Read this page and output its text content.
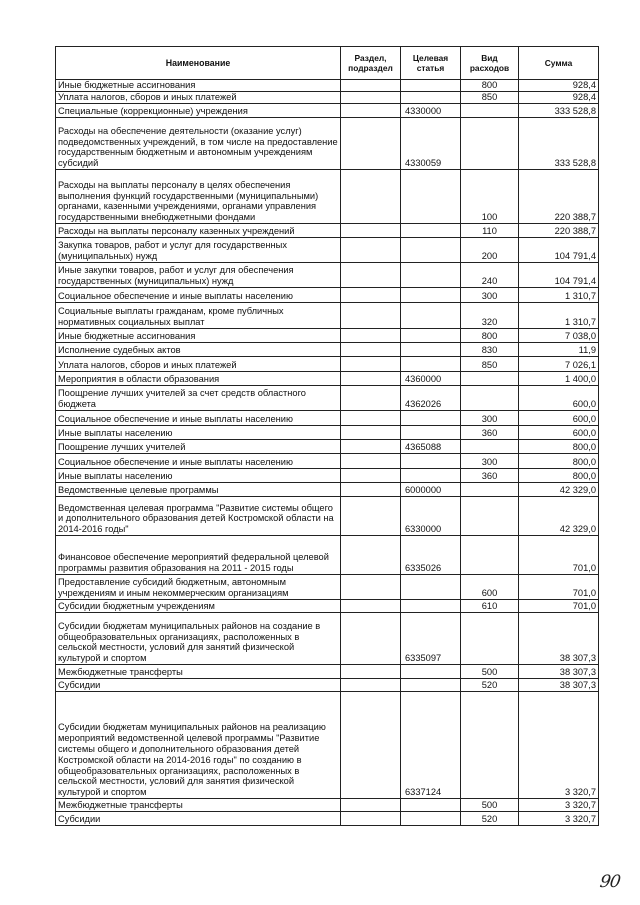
Наименование	Раздел, подраздел	Целевая статья	Вид расходов	Сумма
Иные бюджетные ассигнования			800	928,4
Уплата налогов, сборов и иных платежей			850	928,4
Специальные (коррекционные) учреждения		4330000		333 528,8
Расходы на обеспечение деятельности (оказание услуг) подведомственных учреждений, в том числе на предоставление государственным бюджетным и автономным учреждениям субсидий		4330059		333 528,8
Расходы на выплаты персоналу в целях обеспечения выполнения функций государственными (муниципальными) органами, казенными учреждениями, органами управления государственными внебюджетными фондами			100	220 388,7
Расходы на выплаты персоналу казенных учреждений			110	220 388,7
Закупка товаров, работ и услуг для государственных (муниципальных) нужд			200	104 791,4
Иные закупки товаров, работ и услуг для обеспечения государственных (муниципальных) нужд			240	104 791,4
Социальное обеспечение и иные выплаты населению			300	1 310,7
Социальные выплаты гражданам, кроме публичных нормативных социальных выплат			320	1 310,7
Иные бюджетные ассигнования			800	7 038,0
Исполнение судебных актов			830	11,9
Уплата налогов, сборов и иных платежей			850	7 026,1
Мероприятия в области образования		4360000		1 400,0
Поощрение лучших учителей за счет средств областного бюджета		4362026		600,0
Социальное обеспечение и иные выплаты населению			300	600,0
Иные выплаты населению			360	600,0
Поощрение лучших учителей		4365088		800,0
Социальное обеспечение и иные выплаты населению			300	800,0
Иные выплаты населению			360	800,0
Ведомственные целевые программы		6000000		42 329,0
Ведомственная целевая программа "Развитие системы общего и дополнительного образования детей Костромской области на 2014-2016 годы"		6330000		42 329,0
Финансовое обеспечение мероприятий федеральной целевой программы развития образования на 2011 - 2015 годы		6335026		701,0
Предоставление субсидий бюджетным, автономным учреждениям и иным некоммерческим организациям			600	701,0
Субсидии бюджетным учреждениям			610	701,0
Субсидии бюджетам муниципальных районов на создание в общеобразовательных организациях, расположенных в сельской местности, условий для занятий физической культурой и спортом		6335097		38 307,3
Межбюджетные трансферты			500	38 307,3
Субсидии			520	38 307,3
Субсидии бюджетам муниципальных районов на реализацию мероприятий ведомственной целевой программы "Развитие системы общего и дополнительного образования детей Костромской области на 2014-2016 годы" по созданию в общеобразовательных организациях, расположенных в сельской местности, условий для занятия физической культурой и спортом		6337124		3 320,7
Межбюджетные трансферты			500	3 320,7
Субсидии			520	3 320,7
90
